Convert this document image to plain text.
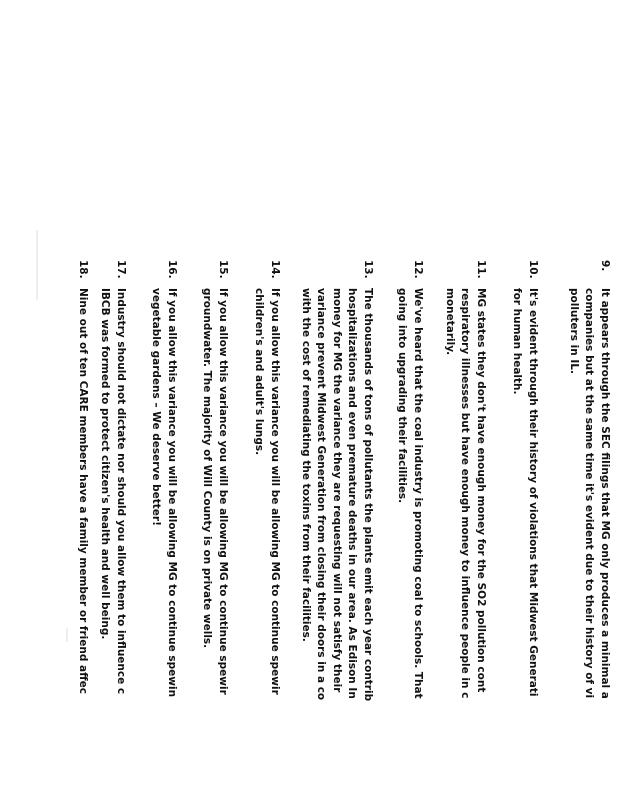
9.
It appears through the SEC filings that MG only produces a minimal a
companies but at the same time it's evident due to their history of vi
polluters in IL.
10.
It's evident through their history of violations that Midwest Generati
for human health.
11.
MG states they don't have enough money for the SO2 pollution cont
respiratory illnesses but have enough money to influence people in c
monetarily.
12.
We've heard that the coal industry is promoting coal to schools. That
going into upgrading their facilities.
13.
The thousands of tons of pollutants the plants emit each year contrib
hospitalizations and even premature deaths in our area. As Edison In
money for MG the variance they are requesting will not satisfy their
variance prevent Midwest Generation from closing their doors in a co
with the cost of remediating the toxins from their facilities.
14.
If you allow this variance you will be allowing MG to continue spewir
children's and adult's lungs.
15.
If you allow this variance you will be allowing MG to continue spewir
groundwater. The majority of Will County is on private wells.
16.
If you allow this variance you will be allowing MG to continue spewin
vegetable gardens – We deserve better!
17.
Industry should not dictate nor should you allow them to influence c
IBCB was formed to protect citizen's health and well being.
18.
Nine out of ten CARE members have a family member or friend affec
